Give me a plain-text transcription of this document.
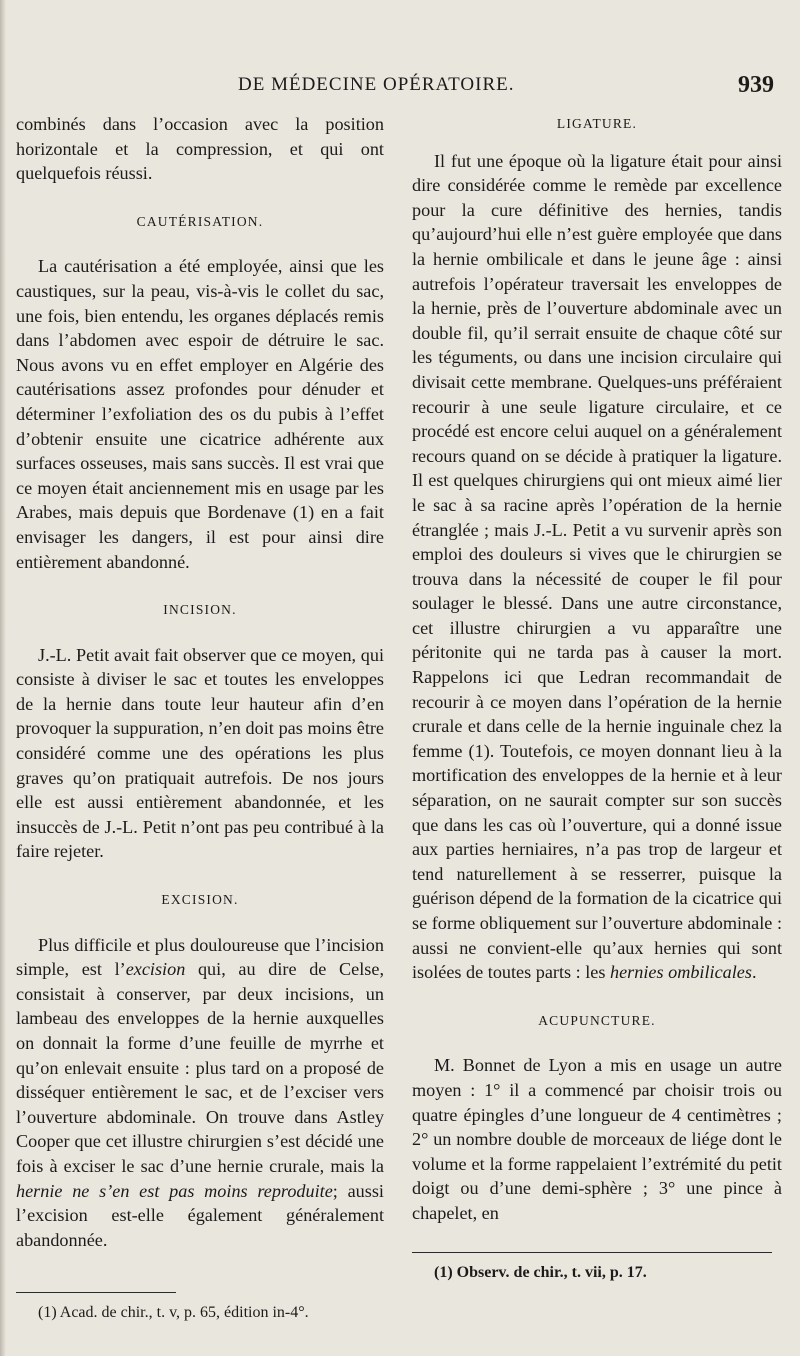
DE MÉDECINE OPÉRATOIRE.	939

combinés dans l’occasion avec la position horizontale et la compression, et qui ont quelquefois réussi.

CAUTÉRISATION.

La cautérisation a été employée, ainsi que les caustiques, sur la peau, vis-à-vis le collet du sac, une fois, bien entendu, les organes déplacés remis dans l’abdomen avec espoir de détruire le sac. Nous avons vu en effet employer en Algérie des cautérisations assez profondes pour dénuder et déterminer l’exfoliation des os du pubis à l’effet d’obtenir ensuite une cicatrice adhérente aux surfaces osseuses, mais sans succès. Il est vrai que ce moyen était anciennement mis en usage par les Arabes, mais depuis que Bordenave (1) en a fait envisager les dangers, il est pour ainsi dire entièrement abandonné.

INCISION.

J.-L. Petit avait fait observer que ce moyen, qui consiste à diviser le sac et toutes les enveloppes de la hernie dans toute leur hauteur afin d’en provoquer la suppuration, n’en doit pas moins être considéré comme une des opérations les plus graves qu’on pratiquait autrefois. De nos jours elle est aussi entièrement abandonnée, et les insuccès de J.-L. Petit n’ont pas peu contribué à la faire rejeter.

EXCISION.

Plus difficile et plus douloureuse que l’incision simple, est l’excision qui, au dire de Celse, consistait à conserver, par deux incisions, un lambeau des enveloppes de la hernie auxquelles on donnait la forme d’une feuille de myrrhe et qu’on enlevait ensuite : plus tard on a proposé de disséquer entièrement le sac, et de l’exciser vers l’ouverture abdominale. On trouve dans Astley Cooper que cet illustre chirurgien s’est décidé une fois à exciser le sac d’une hernie crurale, mais la hernie ne s’en est pas moins reproduite; aussi l’excision est-elle également généralement abandonnée.

(1) Acad. de chir., t. v, p. 65, édition in-4°.

LIGATURE.

Il fut une époque où la ligature était pour ainsi dire considérée comme le remède par excellence pour la cure définitive des hernies, tandis qu’aujourd’hui elle n’est guère employée que dans la hernie ombilicale et dans le jeune âge : ainsi autrefois l’opérateur traversait les enveloppes de la hernie, près de l’ouverture abdominale avec un double fil, qu’il serrait ensuite de chaque côté sur les téguments, ou dans une incision circulaire qui divisait cette membrane. Quelques-uns préféraient recourir à une seule ligature circulaire, et ce procédé est encore celui auquel on a généralement recours quand on se décide à pratiquer la ligature. Il est quelques chirurgiens qui ont mieux aimé lier le sac à sa racine après l’opération de la hernie étranglée ; mais J.-L. Petit a vu survenir après son emploi des douleurs si vives que le chirurgien se trouva dans la nécessité de couper le fil pour soulager le blessé. Dans une autre circonstance, cet illustre chirurgien a vu apparaître une péritonite qui ne tarda pas à causer la mort. Rappelons ici que Ledran recommandait de recourir à ce moyen dans l’opération de la hernie crurale et dans celle de la hernie inguinale chez la femme (1). Toutefois, ce moyen donnant lieu à la mortification des enveloppes de la hernie et à leur séparation, on ne saurait compter sur son succès que dans les cas où l’ouverture, qui a donné issue aux parties herniaires, n’a pas trop de largeur et tend naturellement à se resserrer, puisque la guérison dépend de la formation de la cicatrice qui se forme obliquement sur l’ouverture abdominale : aussi ne convient-elle qu’aux hernies qui sont isolées de toutes parts : les hernies ombilicales.

ACUPUNCTURE.

M. Bonnet de Lyon a mis en usage un autre moyen : 1° il a commencé par choisir trois ou quatre épingles d’une longueur de 4 centimètres ; 2° un nombre double de morceaux de liége dont le volume et la forme rappelaient l’extrémité du petit doigt ou d’une demi-sphère ; 3° une pince à chapelet, en

(1) Observ. de chir., t. vii, p. 17.
